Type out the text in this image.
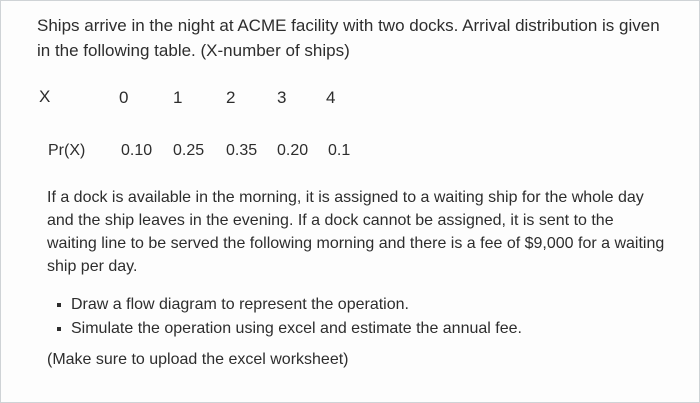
Ships arrive in the night at ACME facility with two docks. Arrival distribution is given in the following table. (X-number of ships)
X	0	1	2 3 4
Pr(X) 0.10 0.25 0.35 0.20 0.1
If a dock is available in the morning, it is assigned to a waiting ship for the whole day and the ship leaves in the evening. If a dock cannot be assigned, it is sent to the waiting line to be served the following morning and there is a fee of $9,000 for a waiting ship per day.
Draw a flow diagram to represent the operation.
Simulate the operation using excel and estimate the annual fee.
(Make sure to upload the excel worksheet)
